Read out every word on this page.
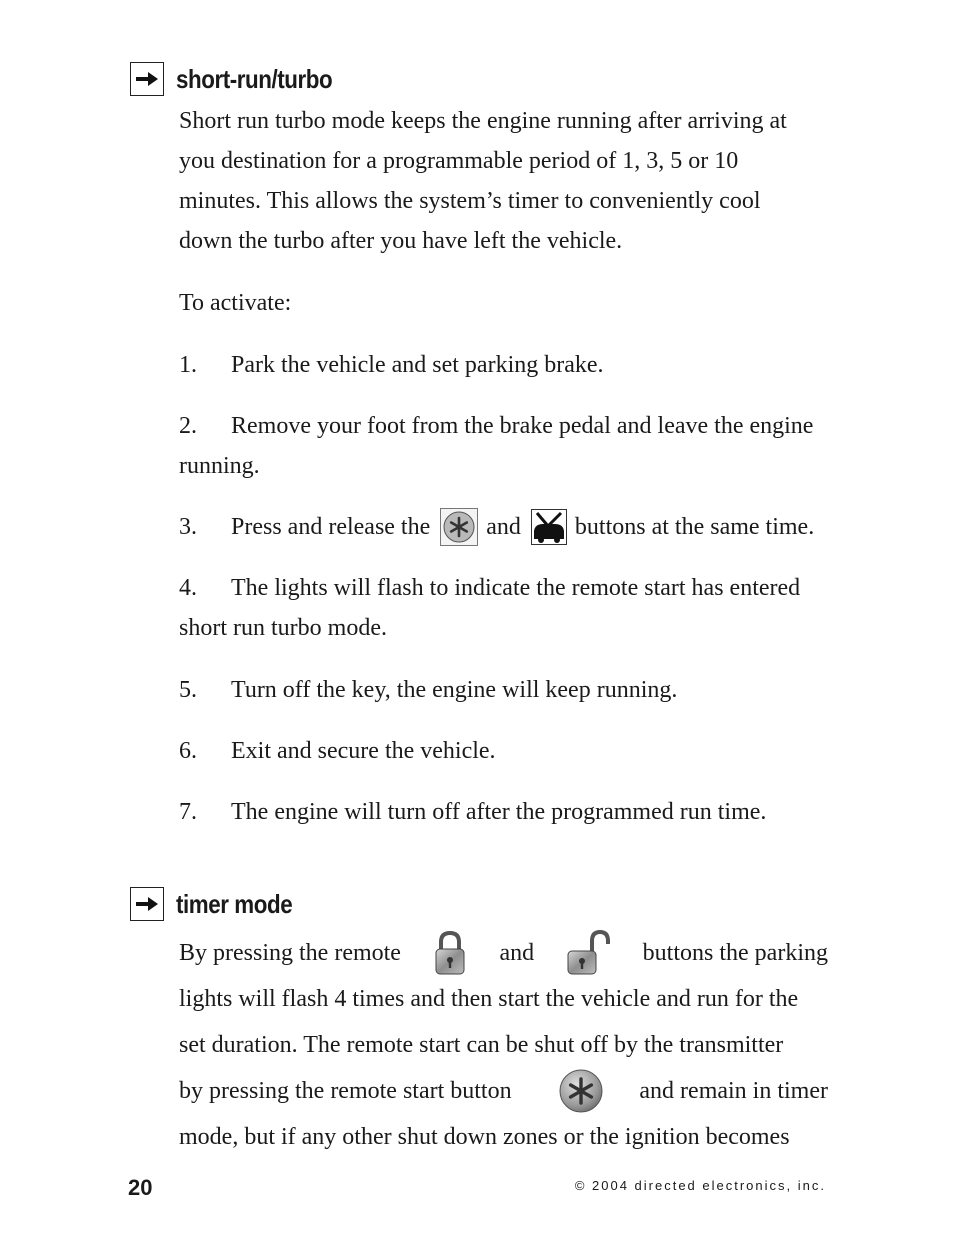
short-run/turbo
Short run turbo mode keeps the engine running after arriving at
you destination for a programmable period of 1, 3, 5 or 10
minutes. This allows the system’s timer to conveniently cool
down the turbo after you have left the vehicle.
To activate:
1. Park the vehicle and set parking brake.
2. Remove your foot from the brake pedal and leave the engine
running.
3.	Press and release the and buttons at the same time.
4. The lights will flash to indicate the remote start has entered
short run turbo mode.
5. Turn off the key, the engine will keep running.
6. Exit and secure the vehicle.
7. The engine will turn off after the programmed run time.
timer mode
By pressing the remote	and	buttons the parking
lights will flash 4 times and then start the vehicle and run for the
set duration. The remote start can be shut off by the transmitter
by pressing the remote start button	and remain in timer
mode, but if any other shut down zones or the ignition becomes
20	© 2004 directed electronics, inc.
